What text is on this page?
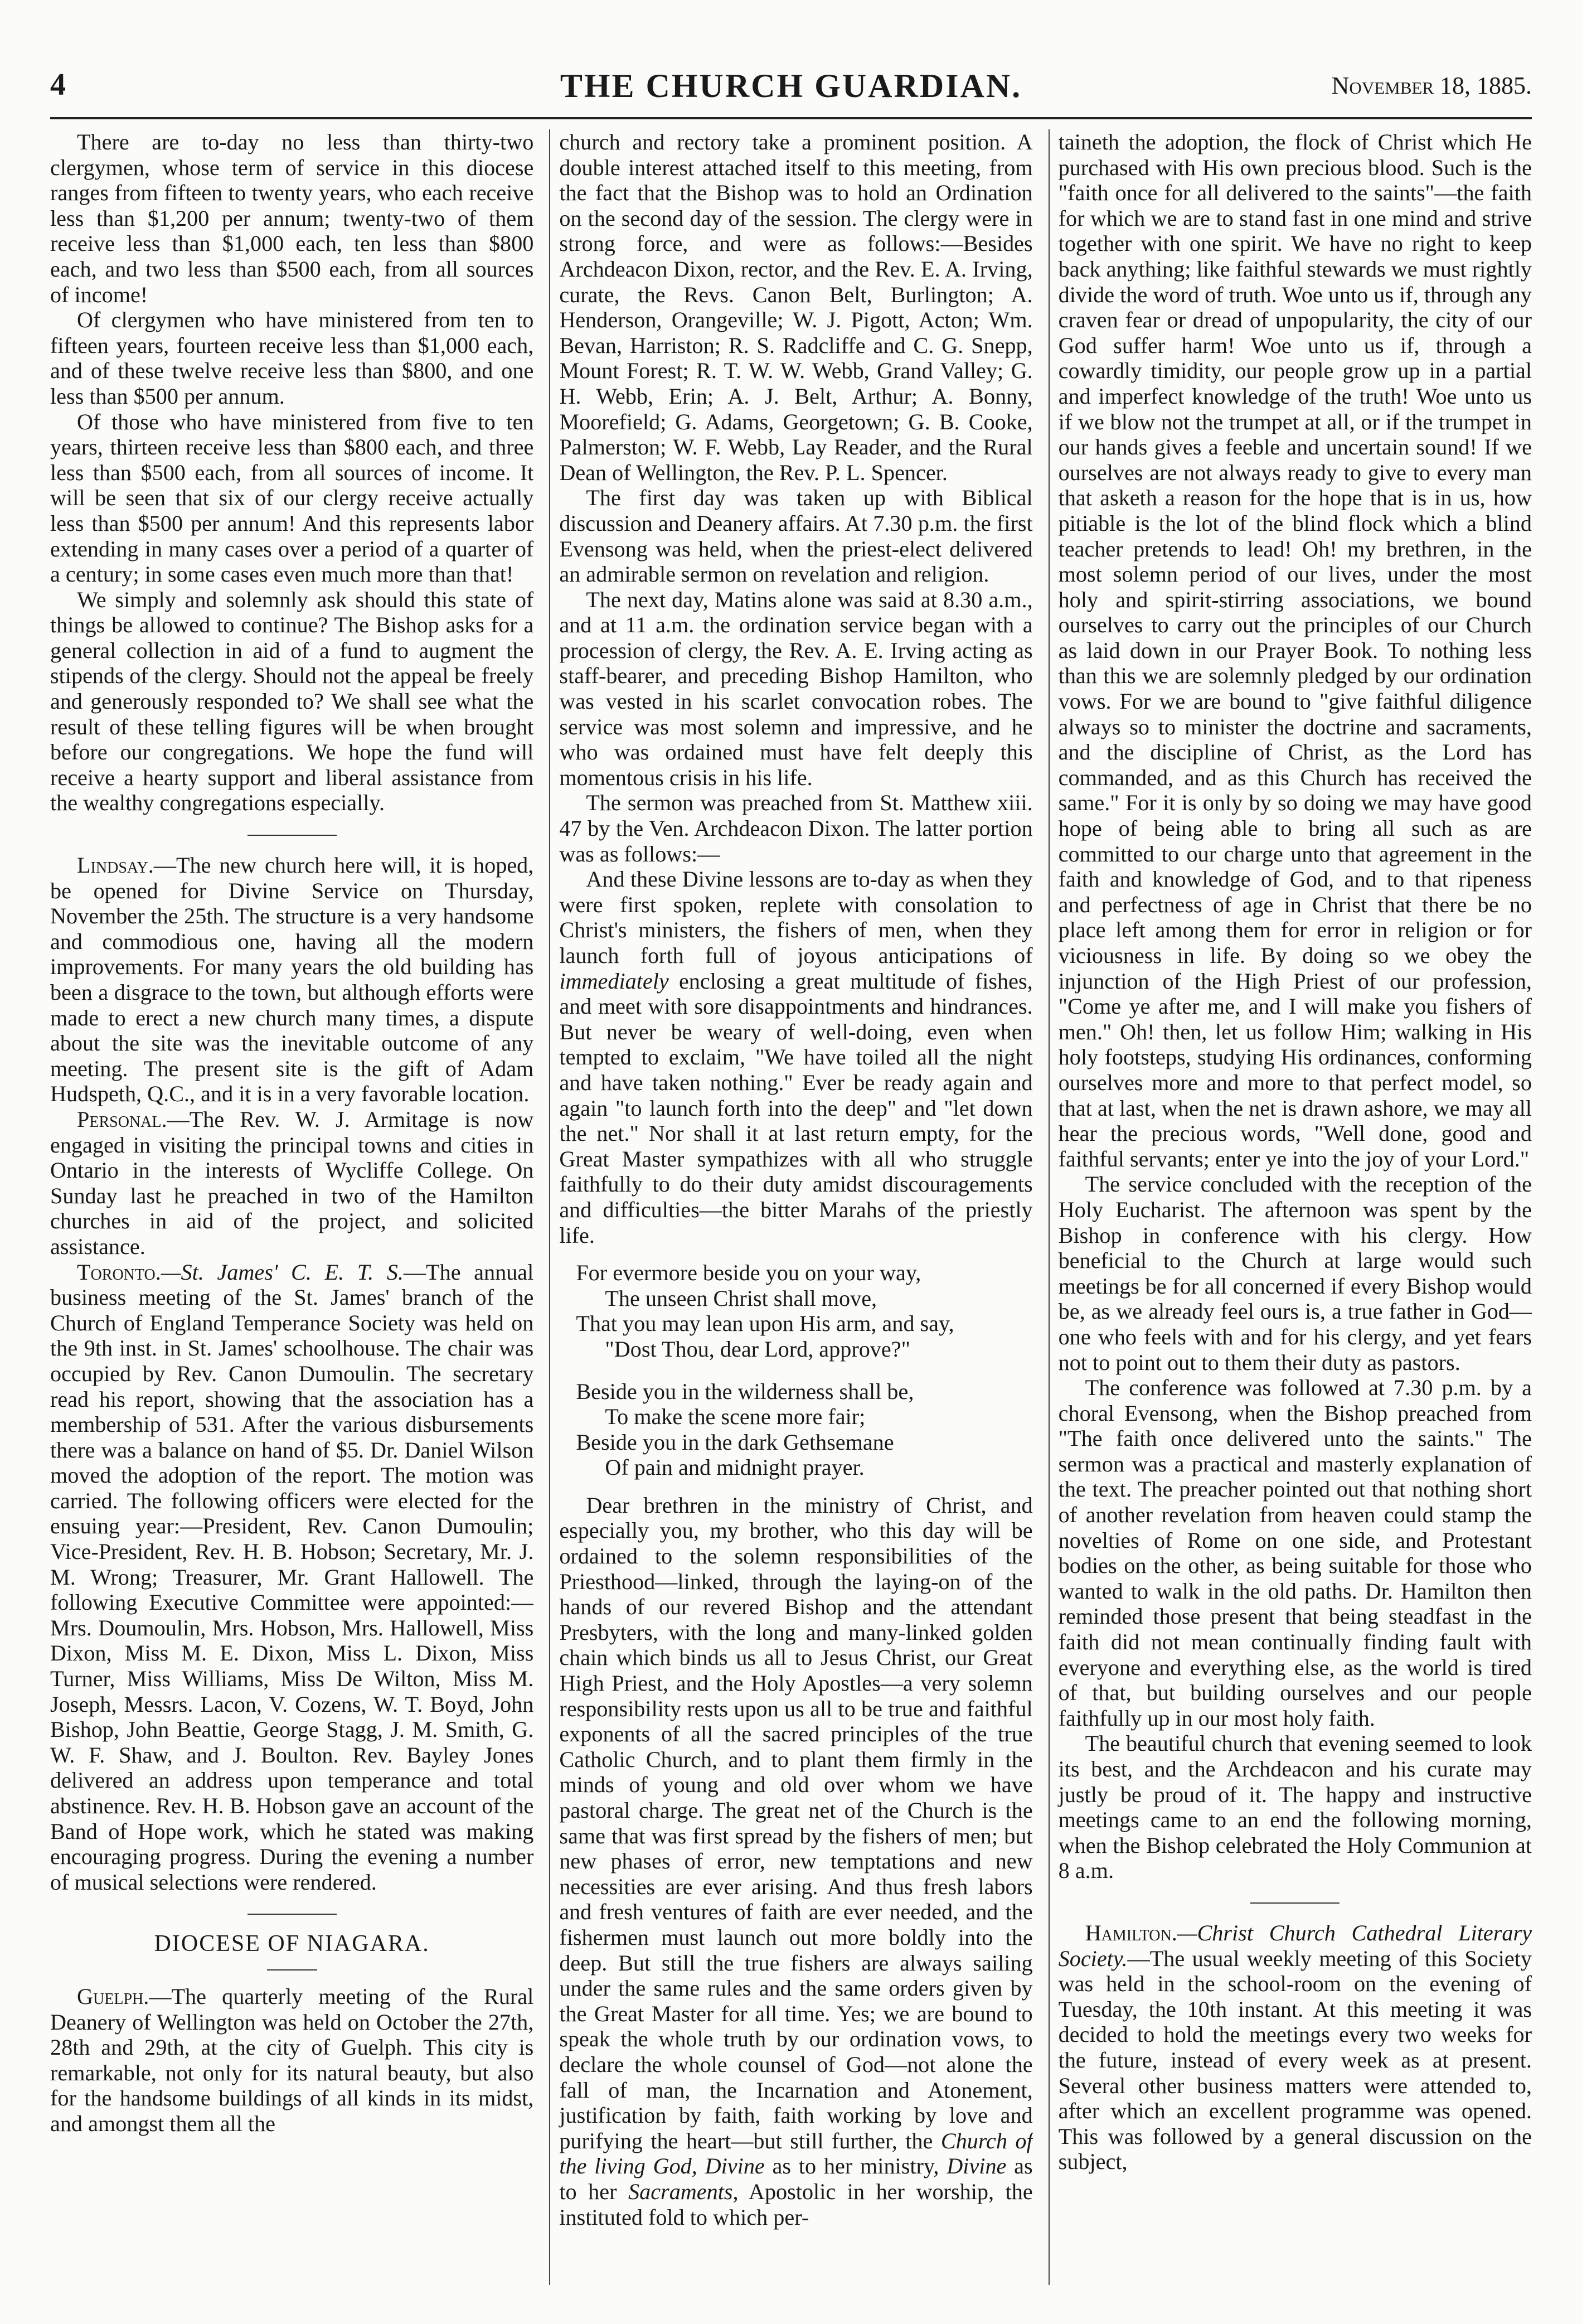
4	THE CHURCH GUARDIAN.	November 18, 1885.

There are to-day no less than thirty-two clergymen, whose term of service in this diocese ranges from fifteen to twenty years, who each receive less than $1,200 per annum; twenty-two of them receive less than $1,000 each, ten less than $800 each, and two less than $500 each, from all sources of income!

Of clergymen who have ministered from ten to fifteen years, fourteen receive less than $1,000 each, and of these twelve receive less than $800, and one less than $500 per annum.

Of those who have ministered from five to ten years, thirteen receive less than $800 each, and three less than $500 each, from all sources of income. It will be seen that six of our clergy receive actually less than $500 per annum! And this represents labor extending in many cases over a period of a quarter of a century; in some cases even much more than that!

We simply and solemnly ask should this state of things be allowed to continue? The Bishop asks for a general collection in aid of a fund to augment the stipends of the clergy. Should not the appeal be freely and generously responded to? We shall see what the result of these telling figures will be when brought before our congregations. We hope the fund will receive a hearty support and liberal assistance from the wealthy congregations especially.

Lindsay.—The new church here will, it is hoped, be opened for Divine Service on Thursday, November the 25th. The structure is a very handsome and commodious one, having all the modern improvements. For many years the old building has been a disgrace to the town, but although efforts were made to erect a new church many times, a dispute about the site was the inevitable outcome of any meeting. The present site is the gift of Adam Hudspeth, Q.C., and it is in a very favorable location.

Personal.—The Rev. W. J. Armitage is now engaged in visiting the principal towns and cities in Ontario in the interests of Wycliffe College. On Sunday last he preached in two of the Hamilton churches in aid of the project, and solicited assistance.

Toronto.—St. James' C. E. T. S.—The annual business meeting of the St. James' branch of the Church of England Temperance Society was held on the 9th inst. in St. James' schoolhouse. The chair was occupied by Rev. Canon Dumoulin. The secretary read his report, showing that the association has a membership of 531. After the various disbursements there was a balance on hand of $5. Dr. Daniel Wilson moved the adoption of the report. The motion was carried. The following officers were elected for the ensuing year:—President, Rev. Canon Dumoulin; Vice-President, Rev. H. B. Hobson; Secretary, Mr. J. M. Wrong; Treasurer, Mr. Grant Hallowell. The following Executive Committee were appointed:—Mrs. Doumoulin, Mrs. Hobson, Mrs. Hallowell, Miss Dixon, Miss M. E. Dixon, Miss L. Dixon, Miss Turner, Miss Williams, Miss De Wilton, Miss M. Joseph, Messrs. Lacon, V. Cozens, W. T. Boyd, John Bishop, John Beattie, George Stagg, J. M. Smith, G. W. F. Shaw, and J. Boulton. Rev. Bayley Jones delivered an address upon temperance and total abstinence. Rev. H. B. Hobson gave an account of the Band of Hope work, which he stated was making encouraging progress. During the evening a number of musical selections were rendered.

DIOCESE OF NIAGARA.

Guelph.—The quarterly meeting of the Rural Deanery of Wellington was held on October the 27th, 28th and 29th, at the city of Guelph. This city is remarkable, not only for its natural beauty, but also for the handsome buildings of all kinds in its midst, and amongst them all the

church and rectory take a prominent position. A double interest attached itself to this meeting, from the fact that the Bishop was to hold an Ordination on the second day of the session. The clergy were in strong force, and were as follows:—Besides Archdeacon Dixon, rector, and the Rev. E. A. Irving, curate, the Revs. Canon Belt, Burlington; A. Henderson, Orangeville; W. J. Pigott, Acton; Wm. Bevan, Harriston; R. S. Radcliffe and C. G. Snepp, Mount Forest; R. T. W. W. Webb, Grand Valley; G. H. Webb, Erin; A. J. Belt, Arthur; A. Bonny, Moorefield; G. Adams, Georgetown; G. B. Cooke, Palmerston; W. F. Webb, Lay Reader, and the Rural Dean of Wellington, the Rev. P. L. Spencer.

The first day was taken up with Biblical discussion and Deanery affairs. At 7.30 p.m. the first Evensong was held, when the priest-elect delivered an admirable sermon on revelation and religion.

The next day, Matins alone was said at 8.30 a.m., and at 11 a.m. the ordination service began with a procession of clergy, the Rev. A. E. Irving acting as staff-bearer, and preceding Bishop Hamilton, who was vested in his scarlet convocation robes. The service was most solemn and impressive, and he who was ordained must have felt deeply this momentous crisis in his life.

The sermon was preached from St. Matthew xiii. 47 by the Ven. Archdeacon Dixon. The latter portion was as follows:—

And these Divine lessons are to-day as when they were first spoken, replete with consolation to Christ's ministers, the fishers of men, when they launch forth full of joyous anticipations of immediately enclosing a great multitude of fishes, and meet with sore disappointments and hindrances. But never be weary of well-doing, even when tempted to exclaim, "We have toiled all the night and have taken nothing." Ever be ready again and again "to launch forth into the deep" and "let down the net." Nor shall it at last return empty, for the Great Master sympathizes with all who struggle faithfully to do their duty amidst discouragements and difficulties—the bitter Marahs of the priestly life.

For evermore beside you on your way,

The unseen Christ shall move,

That you may lean upon His arm, and say,

"Dost Thou, dear Lord, approve?"

Beside you in the wilderness shall be,

To make the scene more fair;

Beside you in the dark Gethsemane

Of pain and midnight prayer.

Dear brethren in the ministry of Christ, and especially you, my brother, who this day will be ordained to the solemn responsibilities of the Priesthood—linked, through the laying-on of the hands of our revered Bishop and the attendant Presbyters, with the long and many-linked golden chain which binds us all to Jesus Christ, our Great High Priest, and the Holy Apostles—a very solemn responsibility rests upon us all to be true and faithful exponents of all the sacred principles of the true Catholic Church, and to plant them firmly in the minds of young and old over whom we have pastoral charge. The great net of the Church is the same that was first spread by the fishers of men; but new phases of error, new temptations and new necessities are ever arising. And thus fresh labors and fresh ventures of faith are ever needed, and the fishermen must launch out more boldly into the deep. But still the true fishers are always sailing under the same rules and the same orders given by the Great Master for all time. Yes; we are bound to speak the whole truth by our ordination vows, to declare the whole counsel of God—not alone the fall of man, the Incarnation and Atonement, justification by faith, faith working by love and purifying the heart—but still further, the Church of the living God, Divine as to her ministry, Divine as to her Sacraments, Apostolic in her worship, the instituted fold to which per-

taineth the adoption, the flock of Christ which He purchased with His own precious blood. Such is the "faith once for all delivered to the saints"—the faith for which we are to stand fast in one mind and strive together with one spirit. We have no right to keep back anything; like faithful stewards we must rightly divide the word of truth. Woe unto us if, through any craven fear or dread of unpopularity, the city of our God suffer harm! Woe unto us if, through a cowardly timidity, our people grow up in a partial and imperfect knowledge of the truth! Woe unto us if we blow not the trumpet at all, or if the trumpet in our hands gives a feeble and uncertain sound! If we ourselves are not always ready to give to every man that asketh a reason for the hope that is in us, how pitiable is the lot of the blind flock which a blind teacher pretends to lead! Oh! my brethren, in the most solemn period of our lives, under the most holy and spirit-stirring associations, we bound ourselves to carry out the principles of our Church as laid down in our Prayer Book. To nothing less than this we are solemnly pledged by our ordination vows. For we are bound to "give faithful diligence always so to minister the doctrine and sacraments, and the discipline of Christ, as the Lord has commanded, and as this Church has received the same." For it is only by so doing we may have good hope of being able to bring all such as are committed to our charge unto that agreement in the faith and knowledge of God, and to that ripeness and perfectness of age in Christ that there be no place left among them for error in religion or for viciousness in life. By doing so we obey the injunction of the High Priest of our profession, "Come ye after me, and I will make you fishers of men." Oh! then, let us follow Him; walking in His holy footsteps, studying His ordinances, conforming ourselves more and more to that perfect model, so that at last, when the net is drawn ashore, we may all hear the precious words, "Well done, good and faithful servants; enter ye into the joy of your Lord."

The service concluded with the reception of the Holy Eucharist. The afternoon was spent by the Bishop in conference with his clergy. How beneficial to the Church at large would such meetings be for all concerned if every Bishop would be, as we already feel ours is, a true father in God—one who feels with and for his clergy, and yet fears not to point out to them their duty as pastors.

The conference was followed at 7.30 p.m. by a choral Evensong, when the Bishop preached from "The faith once delivered unto the saints." The sermon was a practical and masterly explanation of the text. The preacher pointed out that nothing short of another revelation from heaven could stamp the novelties of Rome on one side, and Protestant bodies on the other, as being suitable for those who wanted to walk in the old paths. Dr. Hamilton then reminded those present that being steadfast in the faith did not mean continually finding fault with everyone and everything else, as the world is tired of that, but building ourselves and our people faithfully up in our most holy faith.

The beautiful church that evening seemed to look its best, and the Archdeacon and his curate may justly be proud of it. The happy and instructive meetings came to an end the following morning, when the Bishop celebrated the Holy Communion at 8 a.m.

Hamilton.—Christ Church Cathedral Literary Society.—The usual weekly meeting of this Society was held in the school-room on the evening of Tuesday, the 10th instant. At this meeting it was decided to hold the meetings every two weeks for the future, instead of every week as at present. Several other business matters were attended to, after which an excellent programme was opened. This was followed by a general discussion on the subject,
